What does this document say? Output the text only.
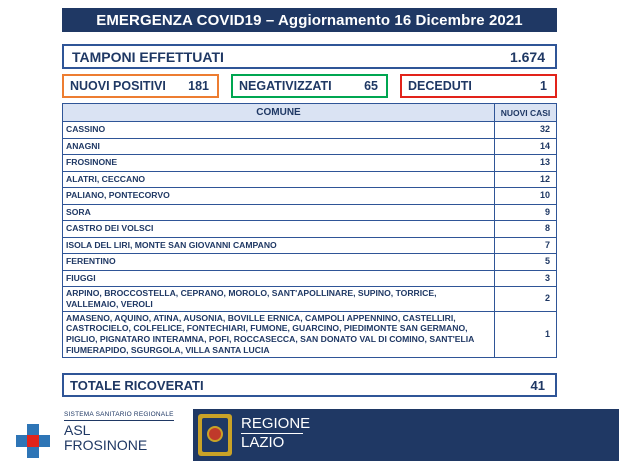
EMERGENZA COVID19 – Aggiornamento 16 Dicembre 2021
TAMPONI EFFETTUATI	1.674
NUOVI POSITIVI 181 NEGATIVIZZATI	65 DECEDUTI	1
COMUNE	NUOVI CASI
CASSINO	32
ANAGNI	14
FROSINONE	13
ALATRI, CECCANO	12
PALIANO, PONTECORVO	10
SORA	9
CASTRO DEI VOLSCI	8
ISOLA DEL LIRI, MONTE SAN GIOVANNI CAMPANO	7
FERENTINO	5
FIUGGI	3
ARPINO, BROCCOSTELLA, CEPRANO, MOROLO, SANT'APOLLINARE, SUPINO, TORRICE, VALLEMAIO, VEROLI	2
AMASENO, AQUINO, ATINA, AUSONIA, BOVILLE ERNICA, CAMPOLI APPENNINO, CASTELLIRI, CASTROCIELO, COLFELICE, FONTECHIARI, FUMONE, GUARCINO, PIEDIMONTE SAN GERMANO, PIGLIO, PIGNATARO INTERAMNA, POFI, ROCCASECCA, SAN DONATO VAL DI COMINO, SANT'ELIA FIUMERAPIDO, SGURGOLA, VILLA SANTA LUCIA	1
TOTALE RICOVERATI	41
SISTEMA SANITARIO REGIONALE
ASL
FROSINONE
REGIONE
LAZIO
